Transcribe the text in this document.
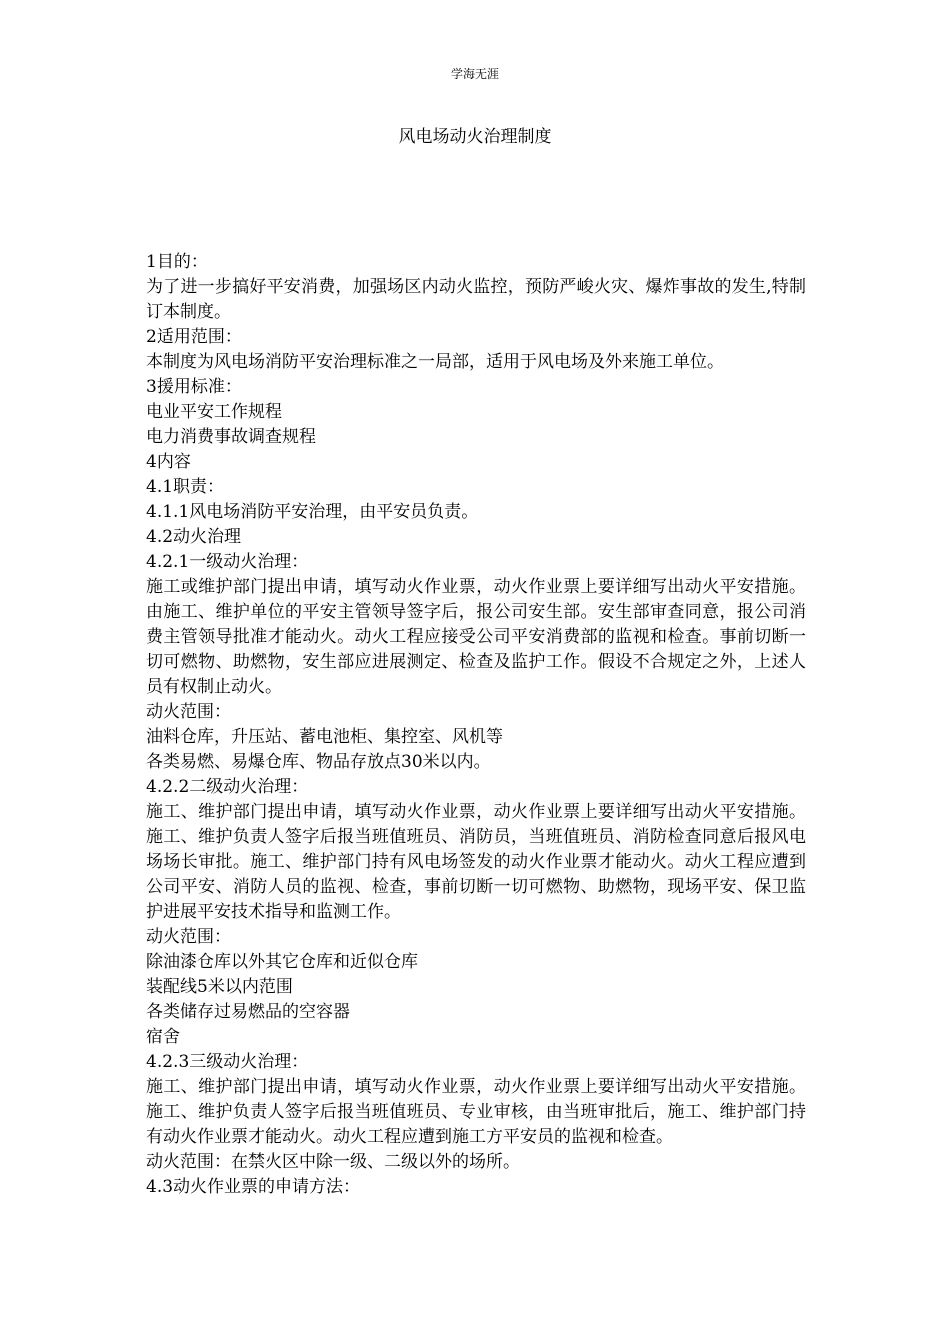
学海无涯
风电场动火治理制度

1目的：

为了进一步搞好平安消费，加强场区内动火监控，预防严峻火灾、爆炸事故的发生,特制订本制度。

2适用范围：

本制度为风电场消防平安治理标准之一局部，适用于风电场及外来施工单位。

3援用标准：

电业平安工作规程

电力消费事故调查规程

4内容

4.1职责：

4.1.1风电场消防平安治理，由平安员负责。

4.2动火治理

4.2.1一级动火治理：

施工或维护部门提出申请，填写动火作业票，动火作业票上要详细写出动火平安措施。由施工、维护单位的平安主管领导签字后，报公司安生部。安生部审查同意，报公司消费主管领导批准才能动火。动火工程应接受公司平安消费部的监视和检查。事前切断一切可燃物、助燃物，安生部应进展测定、检查及监护工作。假设不合规定之外，上述人员有权制止动火。

动火范围：

油料仓库，升压站、蓄电池柜、集控室、风机等

各类易燃、易爆仓库、物品存放点30米以内。

4.2.2二级动火治理：

施工、维护部门提出申请，填写动火作业票，动火作业票上要详细写出动火平安措施。施工、维护负责人签字后报当班值班员、消防员，当班值班员、消防检查同意后报风电场场长审批。施工、维护部门持有风电场签发的动火作业票才能动火。动火工程应遭到公司平安、消防人员的监视、检查，事前切断一切可燃物、助燃物，现场平安、保卫监护进展平安技术指导和监测工作。

动火范围：

除油漆仓库以外其它仓库和近似仓库

装配线5米以内范围

各类储存过易燃品的空容器

宿舍

4.2.3三级动火治理：

施工、维护部门提出申请，填写动火作业票，动火作业票上要详细写出动火平安措施。施工、维护负责人签字后报当班值班员、专业审核，由当班审批后，施工、维护部门持有动火作业票才能动火。动火工程应遭到施工方平安员的监视和检查。

动火范围：在禁火区中除一级、二级以外的场所。

4.3动火作业票的申请方法：
